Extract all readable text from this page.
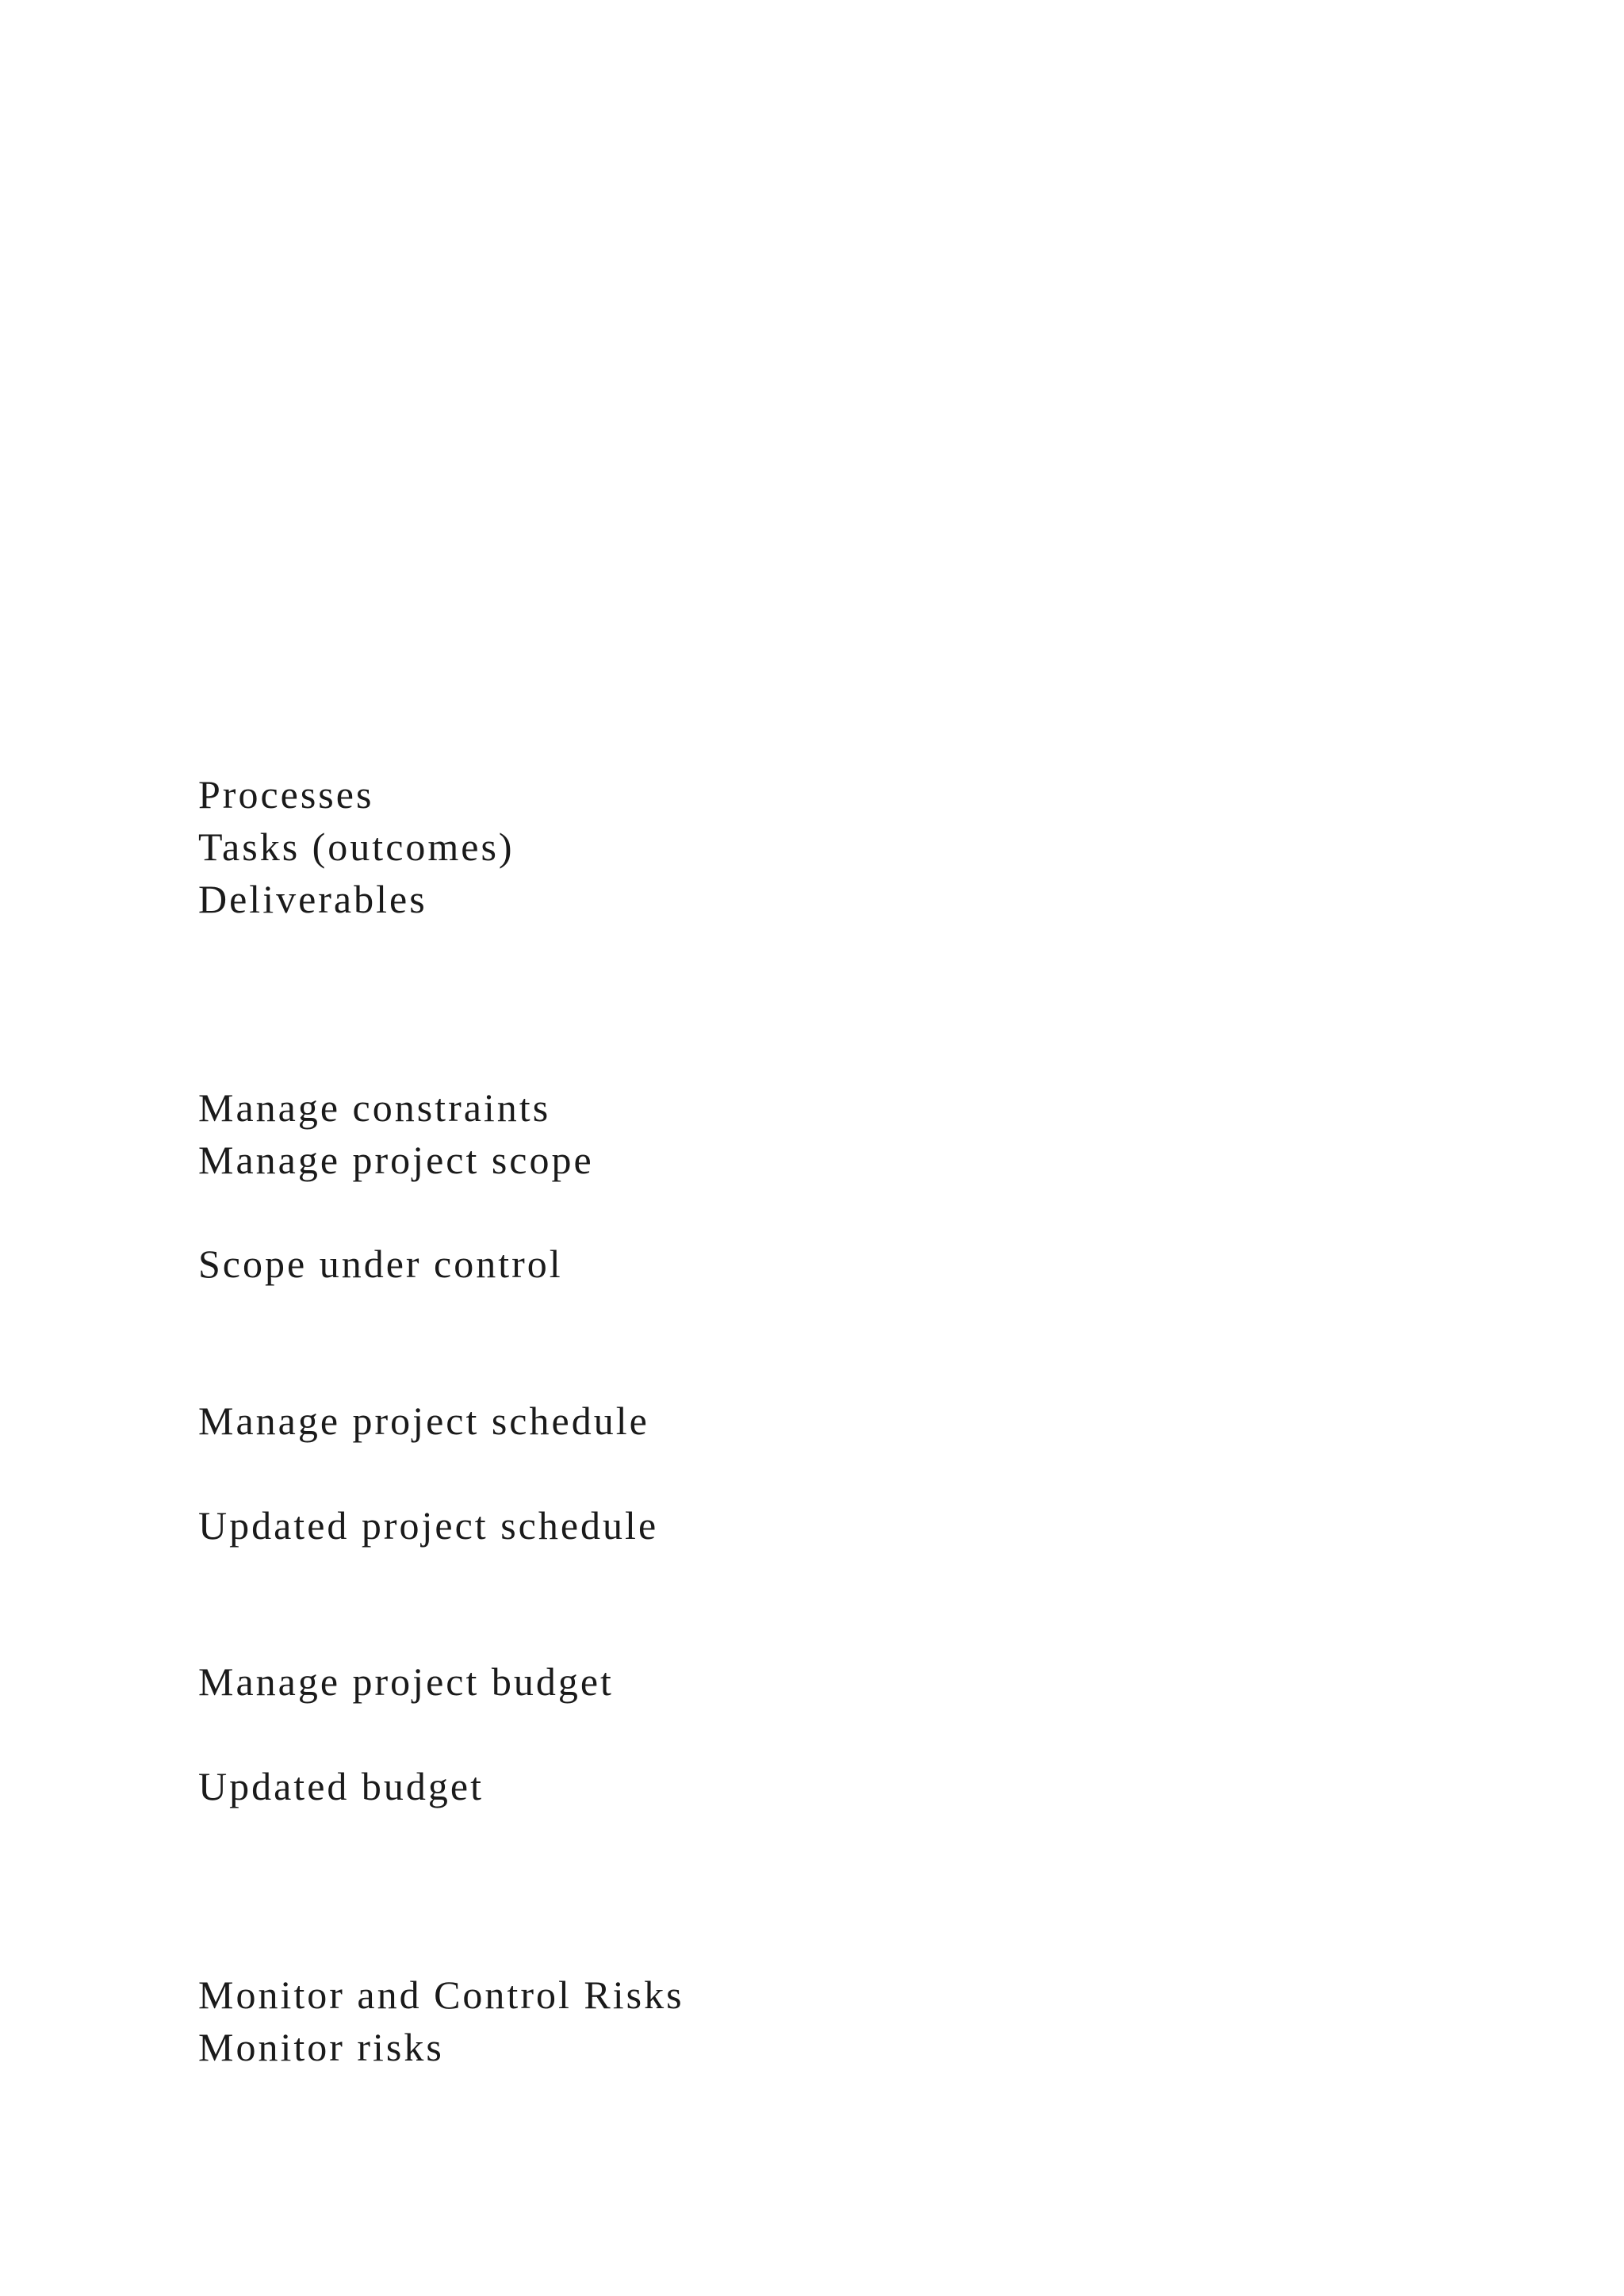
Processes

Tasks (outcomes)

Deliverables

Manage constraints

Manage project scope

Scope under control

Manage project schedule

Updated project schedule

Manage project budget

Updated budget

Monitor and Control Risks

Monitor risks
